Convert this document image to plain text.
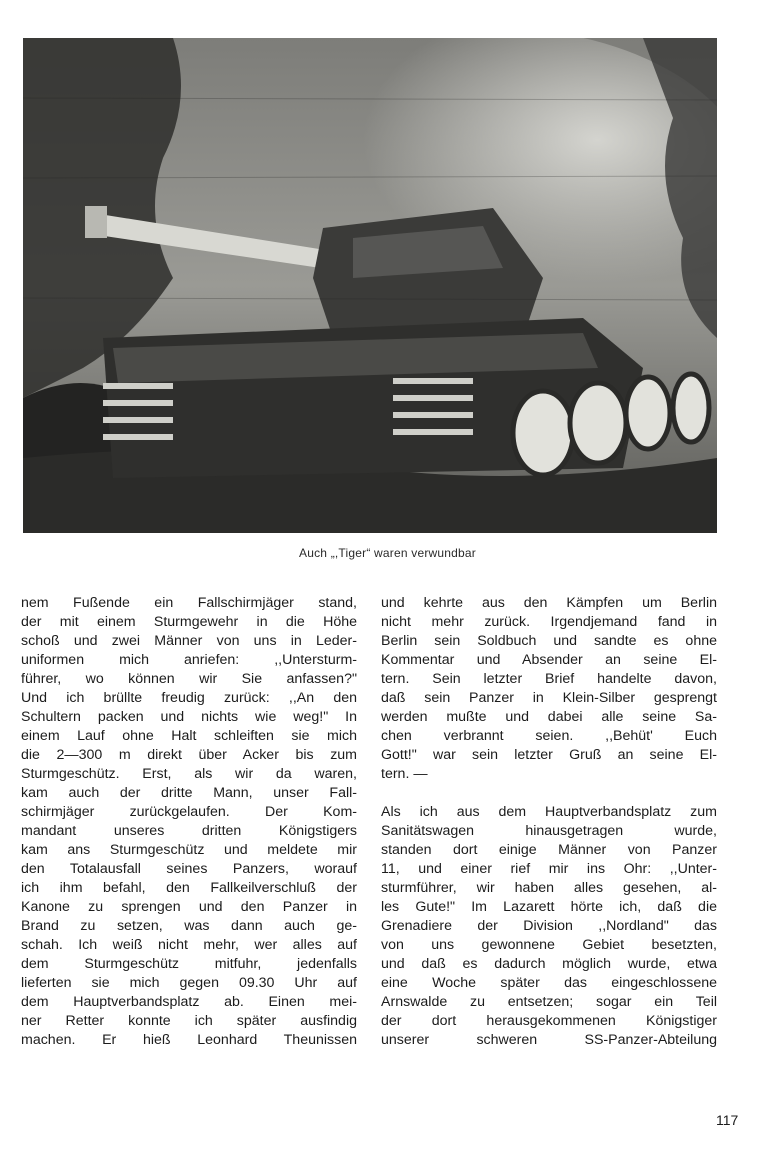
Auch „,Tiger“ waren verwundbar
nem Fußende ein Fallschirmjäger stand,
der mit einem Sturmgewehr in die Höhe
schoß und zwei Männer von uns in Leder-
uniformen mich anriefen: ,,Untersturm-
führer, wo können wir Sie anfassen?"
Und ich brüllte freudig zurück: ,,An den
Schultern packen und nichts wie weg!" In
einem Lauf ohne Halt schleiften sie mich
die 2—300 m direkt über Acker bis zum
Sturmgeschütz. Erst, als wir da waren,
kam auch der dritte Mann, unser Fall-
schirmjäger zurückgelaufen. Der Kom-
mandant unseres dritten Königstigers
kam ans Sturmgeschütz und meldete mir
den Totalausfall seines Panzers, worauf
ich ihm befahl, den Fallkeilverschluß der
Kanone zu sprengen und den Panzer in
Brand zu setzen, was dann auch ge-
schah. Ich weiß nicht mehr, wer alles auf
dem Sturmgeschütz mitfuhr, jedenfalls
lieferten sie mich gegen 09.30 Uhr auf
dem Hauptverbandsplatz ab. Einen mei-
ner Retter konnte ich später ausfindig
machen. Er hieß Leonhard Theunissen
und kehrte aus den Kämpfen um Berlin
nicht mehr zurück. Irgendjemand fand in
Berlin sein Soldbuch und sandte es ohne
Kommentar und Absender an seine El-
tern. Sein letzter Brief handelte davon,
daß sein Panzer in Klein-Silber gesprengt
werden mußte und dabei alle seine Sa-
chen verbrannt seien. ,,Behüt' Euch
Gott!" war sein letzter Gruß an seine El-
tern. —
Als ich aus dem Hauptverbandsplatz zum
Sanitätswagen hinausgetragen wurde,
standen dort einige Männer von Panzer
11, und einer rief mir ins Ohr: ,,Unter-
sturmführer, wir haben alles gesehen, al-
les Gute!" Im Lazarett hörte ich, daß die
Grenadiere der Division ,,Nordland" das
von uns gewonnene Gebiet besetzten,
und daß es dadurch möglich wurde, etwa
eine Woche später das eingeschlossene
Arnswalde zu entsetzen; sogar ein Teil
der dort herausgekommenen Königstiger
unserer schweren SS-Panzer-Abteilung
117
